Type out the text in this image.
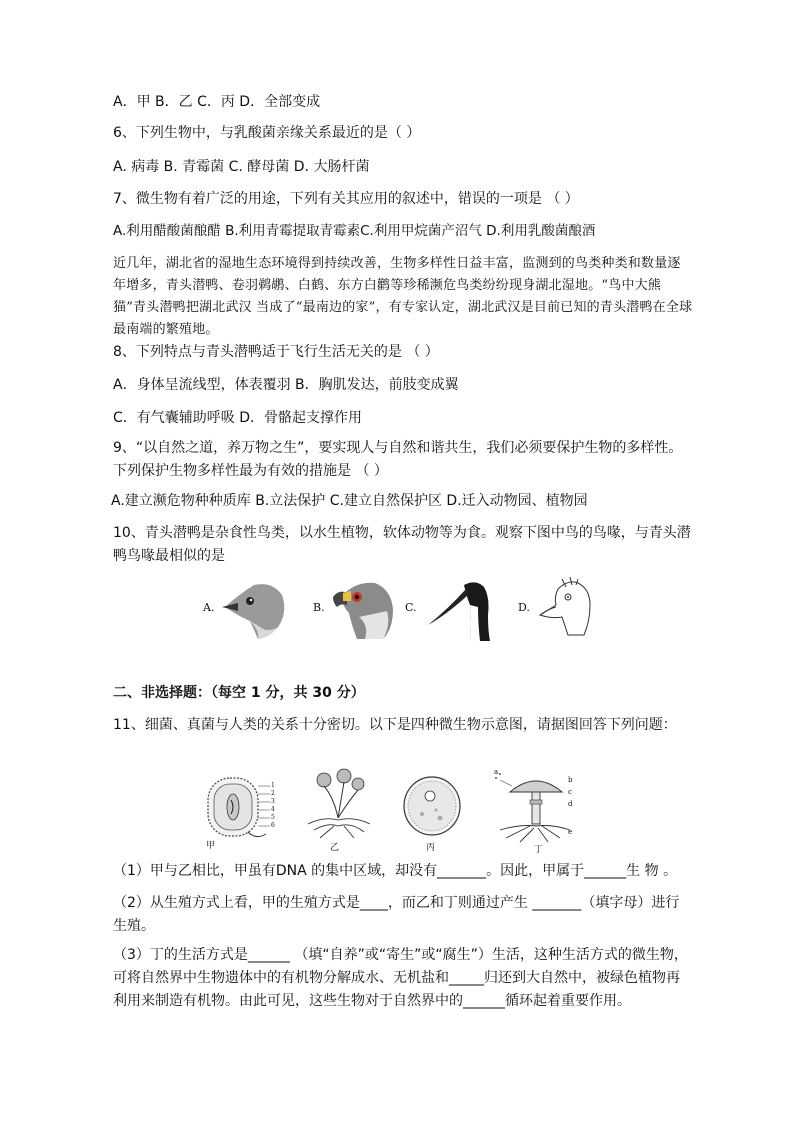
A．甲 B．乙 C．丙 D．全部变成
6、下列生物中，与乳酸菌亲缘关系最近的是（ ）
A. 病毒 B. 青霉菌 C. 酵母菌 D. 大肠杆菌
7、微生物有着广泛的用途，下列有关其应用的叙述中，错误的一项是 （ ）
A.利用醋酸菌酿醋 B.利用青霉提取青霉素C.利用甲烷菌产沼气 D.利用乳酸菌酿酒
近几年，湖北省的湿地生态环境得到持续改善，生物多样性日益丰富，监测到的鸟类种类和数量逐年增多，青头潜鸭、卷羽鹈鹕、白鹤、东方白鹳等珍稀濒危鸟类纷纷现身湖北湿地。“鸟中大熊猫”青头潜鸭把湖北武汉 当成了“最南边的家”，有专家认定，湖北武汉是目前已知的青头潜鸭在全球最南端的繁殖地。
8、下列特点与青头潜鸭适于飞行生活无关的是 （ ）
A．身体呈流线型，体表覆羽 B．胸肌发达，前肢变成翼
C．有气囊辅助呼吸 D．骨骼起支撑作用
9、“以自然之道，养万物之生”，要实现人与自然和谐共生，我们必须要保护生物的多样性。下列保护生物多样性最为有效的措施是 （ ）
A.建立濒危物种种质库 B.立法保护 C.建立自然保护区 D.迁入动物园、植物园
10、青头潜鸭是杂食性鸟类，以水生植物，软体动物等为食。观察下图中鸟的鸟喙，与青头潜鸭鸟喙最相似的是
A.	B.	C.	D.
二、非选择题：（每空 1 分，共 30 分）
11、细菌、真菌与人类的关系十分密切。以下是四种微生物示意图，请据图回答下列问题：
1
2
3
4
5
6
甲	乙	丙
a
b
c
d
e
丁
（1）甲与乙相比，甲虽有DNA 的集中区域，却没有_______。因此，甲属于______生 物 。
（2）从生殖方式上看，甲的生殖方式是____，而乙和丁则通过产生 _______（填字母）进行生殖。
（3）丁的生活方式是______ （填“自养”或“寄生”或“腐生”）生活，这种生活方式的微生物，可将自然界中生物遗体中的有机物分解成水、无机盐和_____归还到大自然中，被绿色植物再利用来制造有机物。由此可见，这些生物对于自然界中的______循环起着重要作用。
